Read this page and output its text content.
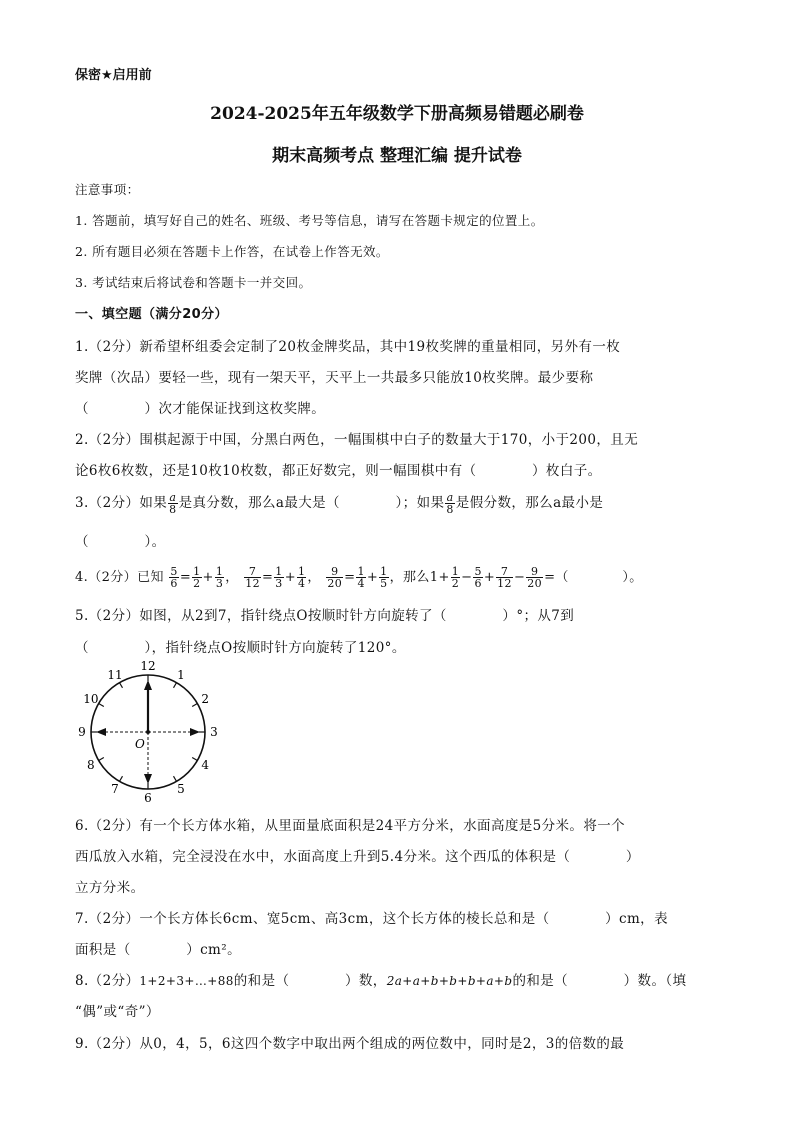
保密★启用前
2024-2025年五年级数学下册高频易错题必刷卷
期末高频考点 整理汇编 提升试卷
注意事项：
1. 答题前，填写好自己的姓名、班级、考号等信息，请写在答题卡规定的位置上。
2. 所有题目必须在答题卡上作答，在试卷上作答无效。
3. 考试结束后将试卷和答题卡一并交回。
一、填空题（满分20分）
1.（2分）新希望杯组委会定制了20枚金牌奖品，其中19枚奖牌的重量相同，另外有一枚
奖牌（次品）要轻一些，现有一架天平，天平上一共最多只能放10枚奖牌。最少要称
（　　　　）次才能保证找到这枚奖牌。
2.（2分）围棋起源于中国，分黑白两色，一幅围棋中白子的数量大于170，小于200，且无
论6枚6枚数，还是10枚10枚数，都正好数完，则一幅围棋中有（　　　　）枚白子。
3.（2分）如果 $\frac{a}{8}$ 是真分数，那么a最大是（　　　　）；如果 $\frac{a}{8}$ 是假分数，那么a最小是
（　　　　）。
4.（2分）已知 $\frac{5}{6} = \frac{1}{2} + \frac{1}{3}$ ， $\frac{7}{12} = \frac{1}{3} + \frac{1}{4}$ ， $\frac{9}{20} = \frac{1}{4} + \frac{1}{5}$ ，那么$1+ \frac{1}{2} - \frac{5}{6} + \frac{7}{12} - \frac{9}{20}$ =（　　　　）。
5.（2分）如图，从2到7，指针绕点O按顺时针方向旋转了（　　　　）°；从7到
（　　　　），指针绕点O按顺时针方向旋转了120°。
12
1
2
3
4
5
6
7
8
9
10
11
O
6.（2分）有一个长方体水箱，从里面量底面积是24平方分米，水面高度是5分米。将一个
西瓜放入水箱，完全浸没在水中，水面高度上升到5.4分米。这个西瓜的体积是（　　　　）
立方分米。
7.（2分）一个长方体长6cm、宽5cm、高3cm，这个长方体的棱长总和是（　　　　）cm，表
面积是（　　　　）cm²。
8.（2分）1+2+3+…+88的和是（　　　　）数，2a+a+b+b+b+a+b的和是（　　　　）数。（填
“偶”或“奇”）
9.（2分）从0，4，5，6这四个数字中取出两个组成的两位数中，同时是2，3的倍数的最
